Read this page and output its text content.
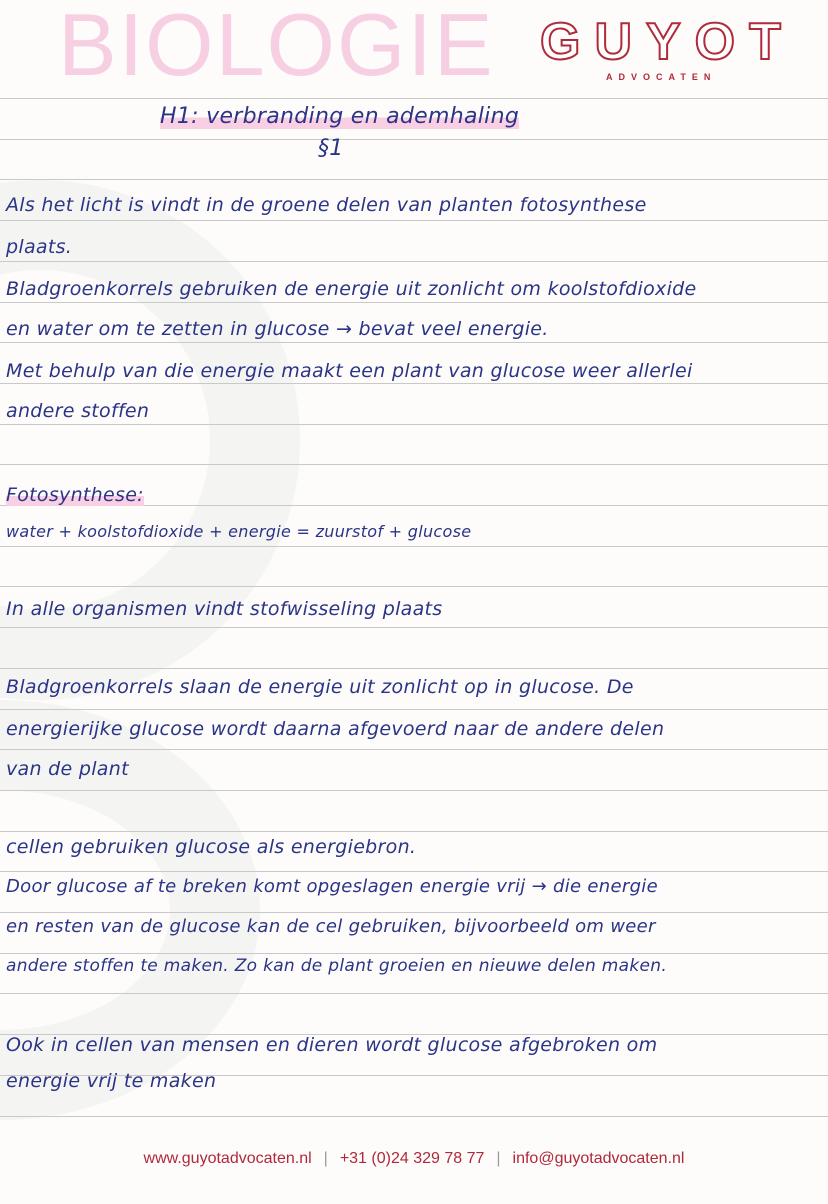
BIOLOGIE GUYOT
ADVOCATEN
H1: verbranding en ademhaling
§1
Als het licht is vindt in de groene delen van planten fotosynthese
plaats.
Bladgroenkorrels gebruiken de energie uit zonlicht om koolstofdioxide
en water om te zetten in glucose → bevat veel energie.
Met behulp van die energie maakt een plant van glucose weer allerlei
andere stoffen
Fotosynthese:
water + koolstofdioxide + energie = zuurstof + glucose
In alle organismen vindt stofwisseling plaats
Bladgroenkorrels slaan de energie uit zonlicht op in glucose. De
energierijke glucose wordt daarna afgevoerd naar de andere delen
van de plant
cellen gebruiken glucose als energiebron.
Door glucose af te breken komt opgeslagen energie vrij → die energie
en resten van de glucose kan de cel gebruiken, bijvoorbeeld om weer
andere stoffen te maken. Zo kan de plant groeien en nieuwe delen maken.
Ook in cellen van mensen en dieren wordt glucose afgebroken om
energie vrij te maken
www.guyotadvocaten.nl | +31 (0)24 329 78 77 | info@guyotadvocaten.nl
